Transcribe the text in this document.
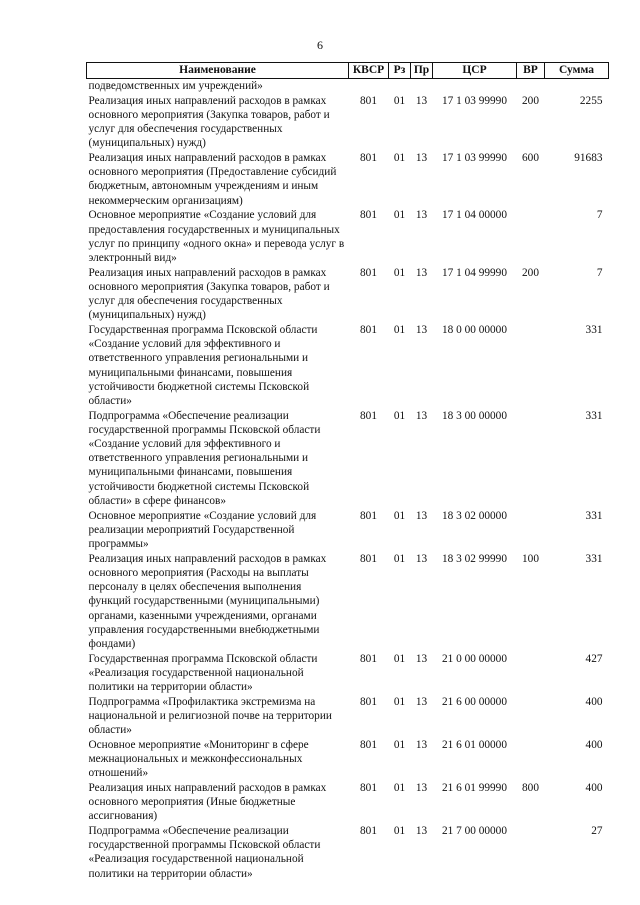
6
Наименование	КВСР	Рз	Пр	ЦСР	ВР	Сумма
подведомственных им учреждений»						
Реализация иных направлений расходов в рамках основного мероприятия (Закупка товаров, работ и услуг для обеспечения государственных (муниципальных) нужд)	801	01	13	17 1 03 99990	200	2255
Реализация иных направлений расходов в рамках основного мероприятия (Предоставление субсидий бюджетным, автономным учреждениям и иным некоммерческим организациям)	801	01	13	17 1 03 99990	600	91683
Основное мероприятие «Создание условий для предоставления государственных и муниципальных услуг по принципу «одного окна» и перевода услуг в электронный вид»	801	01	13	17 1 04 00000		7
Реализация иных направлений расходов в рамках основного мероприятия (Закупка товаров, работ и услуг для обеспечения государственных (муниципальных) нужд)	801	01	13	17 1 04 99990	200	7
Государственная программа Псковской области «Создание условий для эффективного и ответственного управления региональными и муниципальными финансами, повышения устойчивости бюджетной системы Псковской области»	801	01	13	18 0 00 00000		331
Подпрограмма «Обеспечение реализации государственной программы Псковской области «Создание условий для эффективного и ответственного управления региональными и муниципальными финансами, повышения устойчивости бюджетной системы Псковской области» в сфере финансов»	801	01	13	18 3 00 00000		331
Основное мероприятие «Создание условий для реализации мероприятий Государственной программы»	801	01	13	18 3 02 00000		331
Реализация иных направлений расходов в рамках основного мероприятия (Расходы на выплаты персоналу в целях обеспечения выполнения функций государственными (муниципальными) органами, казенными учреждениями, органами управления государственными внебюджетными фондами)	801	01	13	18 3 02 99990	100	331
Государственная программа Псковской области «Реализация государственной национальной политики на территории области»	801	01	13	21 0 00 00000		427
Подпрограмма «Профилактика экстремизма на национальной и религиозной почве на территории области»	801	01	13	21 6 00 00000		400
Основное мероприятие «Мониторинг в сфере межнациональных и межконфессиональных отношений»	801	01	13	21 6 01 00000		400
Реализация иных направлений расходов в рамках основного мероприятия (Иные бюджетные ассигнования)	801	01	13	21 6 01 99990	800	400
Подпрограмма «Обеспечение реализации государственной программы Псковской области «Реализация государственной национальной политики на территории области»	801	01	13	21 7 00 00000		27
